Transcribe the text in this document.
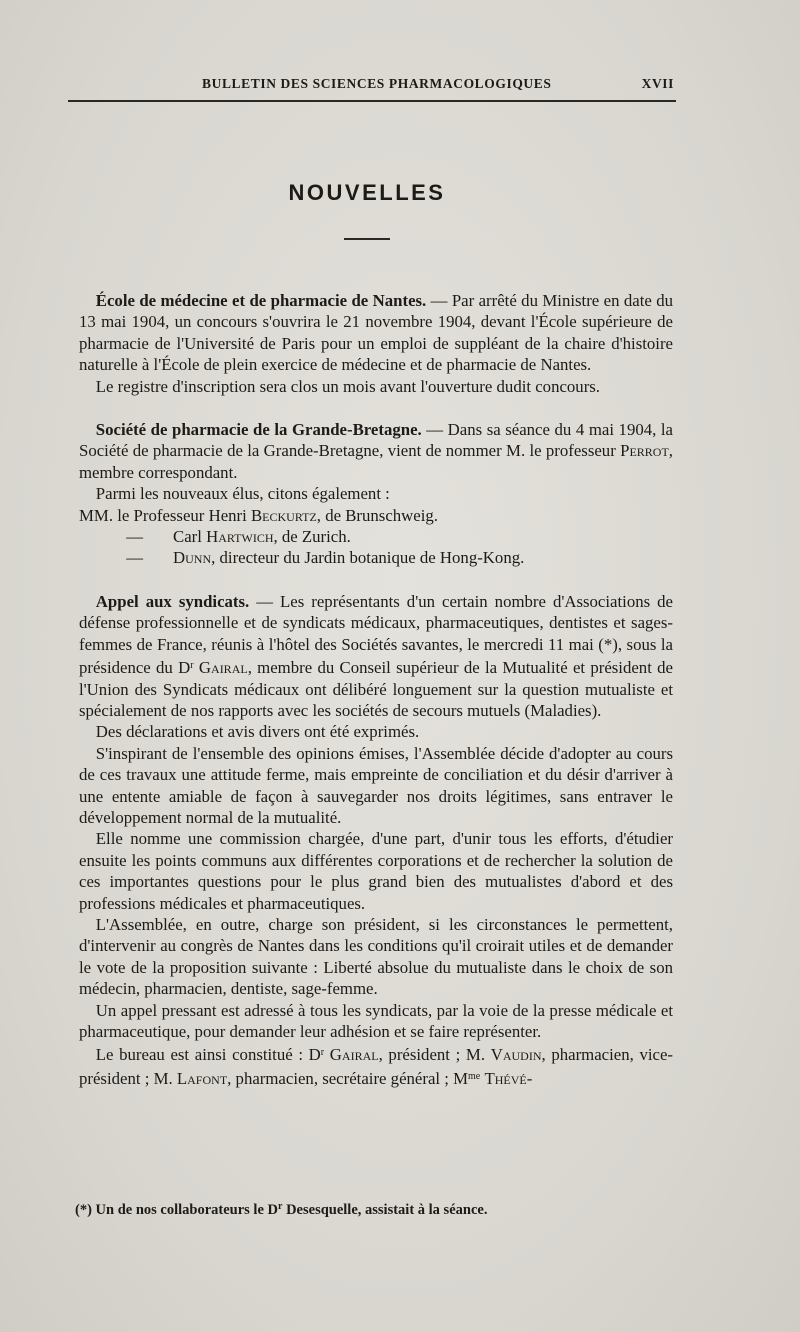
BULLETIN DES SCIENCES PHARMACOLOGIQUES	XVII
NOUVELLES

 École de médecine et de pharmacie de Nantes. — Par arrêté du Ministre en date du 13 mai 1904, un concours s'ouvrira le 21 novembre 1904, devant l'École supérieure de pharmacie de l'Université de Paris pour un emploi de suppléant de la chaire d'histoire naturelle à l'École de plein exercice de médecine et de pharmacie de Nantes.

 Le registre d'inscription sera clos un mois avant l'ouverture dudit concours.

 Société de pharmacie de la Grande-Bretagne. — Dans sa séance du 4 mai 1904, la Société de pharmacie de la Grande-Bretagne, vient de nommer M. le professeur Perrot, membre correspondant.

 Parmi les nouveaux élus, citons également :

MM. le Professeur Henri Beckurtz, de Brunschweig.
— Carl Hartwich, de Zurich.
— Dunn, directeur du Jardin botanique de Hong-Kong.

 Appel aux syndicats. — Les représentants d'un certain nombre d'Associations de défense professionnelle et de syndicats médicaux, pharmaceutiques, dentistes et sages-femmes de France, réunis à l'hôtel des Sociétés savantes, le mercredi 11 mai (*), sous la présidence du $D^r$ Gairal, membre du Conseil supérieur de la Mutualité et président de l'Union des Syndicats médicaux ont délibéré longuement sur la question mutualiste et spécialement de nos rapports avec les sociétés de secours mutuels (Maladies).

 Des déclarations et avis divers ont été exprimés.

 S'inspirant de l'ensemble des opinions émises, l'Assemblée décide d'adopter au cours de ces travaux une attitude ferme, mais empreinte de conciliation et du désir d'arriver à une entente amiable de façon à sauvegarder nos droits légitimes, sans entraver le développement normal de la mutualité.

 Elle nomme une commission chargée, d'une part, d'unir tous les efforts, d'étudier ensuite les points communs aux différentes corporations et de rechercher la solution de ces importantes questions pour le plus grand bien des mutualistes d'abord et des professions médicales et pharmaceutiques.

 L'Assemblée, en outre, charge son président, si les circonstances le permettent, d'intervenir au congrès de Nantes dans les conditions qu'il croirait utiles et de demander le vote de la proposition suivante : Liberté absolue du mutualiste dans le choix de son médecin, pharmacien, dentiste, sage-femme.

 Un appel pressant est adressé à tous les syndicats, par la voie de la presse médicale et pharmaceutique, pour demander leur adhésion et se faire représenter.

 Le bureau est ainsi constitué : $D^r$ Gairal, président ; M. Vaudin, pharmacien, vice-président ; M. Lafont, pharmacien, secrétaire général ; $M^{me}$ Thévé-

(*) Un de nos collaborateurs le $D^r$ Desesquelle, assistait à la séance.
